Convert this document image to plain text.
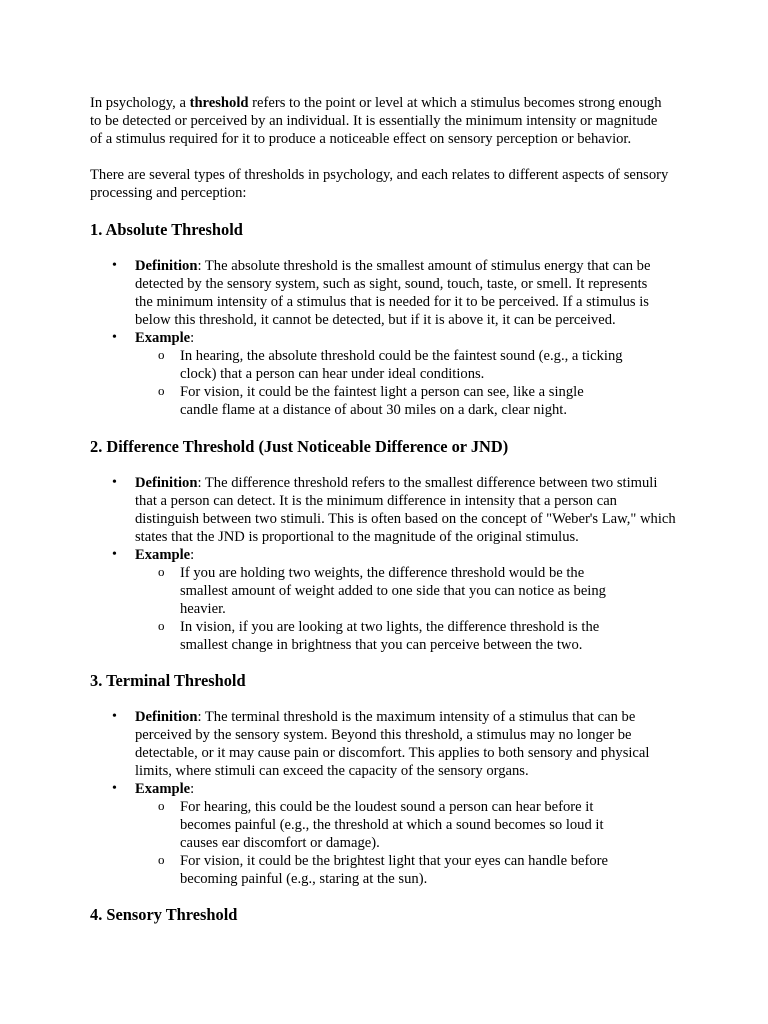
In psychology, a threshold refers to the point or level at which a stimulus becomes strong enough to be detected or perceived by an individual. It is essentially the minimum intensity or magnitude of a stimulus required for it to produce a noticeable effect on sensory perception or behavior.

There are several types of thresholds in psychology, and each relates to different aspects of sensory processing and perception:

1. Absolute Threshold
• Definition: The absolute threshold is the smallest amount of stimulus energy that can be detected by the sensory system, such as sight, sound, touch, taste, or smell. It represents the minimum intensity of a stimulus that is needed for it to be perceived. If a stimulus is below this threshold, it cannot be detected, but if it is above it, it can be perceived.
• Example:
o In hearing, the absolute threshold could be the faintest sound (e.g., a ticking clock) that a person can hear under ideal conditions.
o For vision, it could be the faintest light a person can see, like a single candle flame at a distance of about 30 miles on a dark, clear night.
2. Difference Threshold (Just Noticeable Difference or JND)
• Definition: The difference threshold refers to the smallest difference between two stimuli that a person can detect. It is the minimum difference in intensity that a person can distinguish between two stimuli. This is often based on the concept of "Weber's Law," which states that the JND is proportional to the magnitude of the original stimulus.
• Example:
o If you are holding two weights, the difference threshold would be the smallest amount of weight added to one side that you can notice as being heavier.
o In vision, if you are looking at two lights, the difference threshold is the smallest change in brightness that you can perceive between the two.
3. Terminal Threshold
• Definition: The terminal threshold is the maximum intensity of a stimulus that can be perceived by the sensory system. Beyond this threshold, a stimulus may no longer be detectable, or it may cause pain or discomfort. This applies to both sensory and physical limits, where stimuli can exceed the capacity of the sensory organs.
• Example:
o For hearing, this could be the loudest sound a person can hear before it becomes painful (e.g., the threshold at which a sound becomes so loud it causes ear discomfort or damage).
o For vision, it could be the brightest light that your eyes can handle before becoming painful (e.g., staring at the sun).
4. Sensory Threshold
